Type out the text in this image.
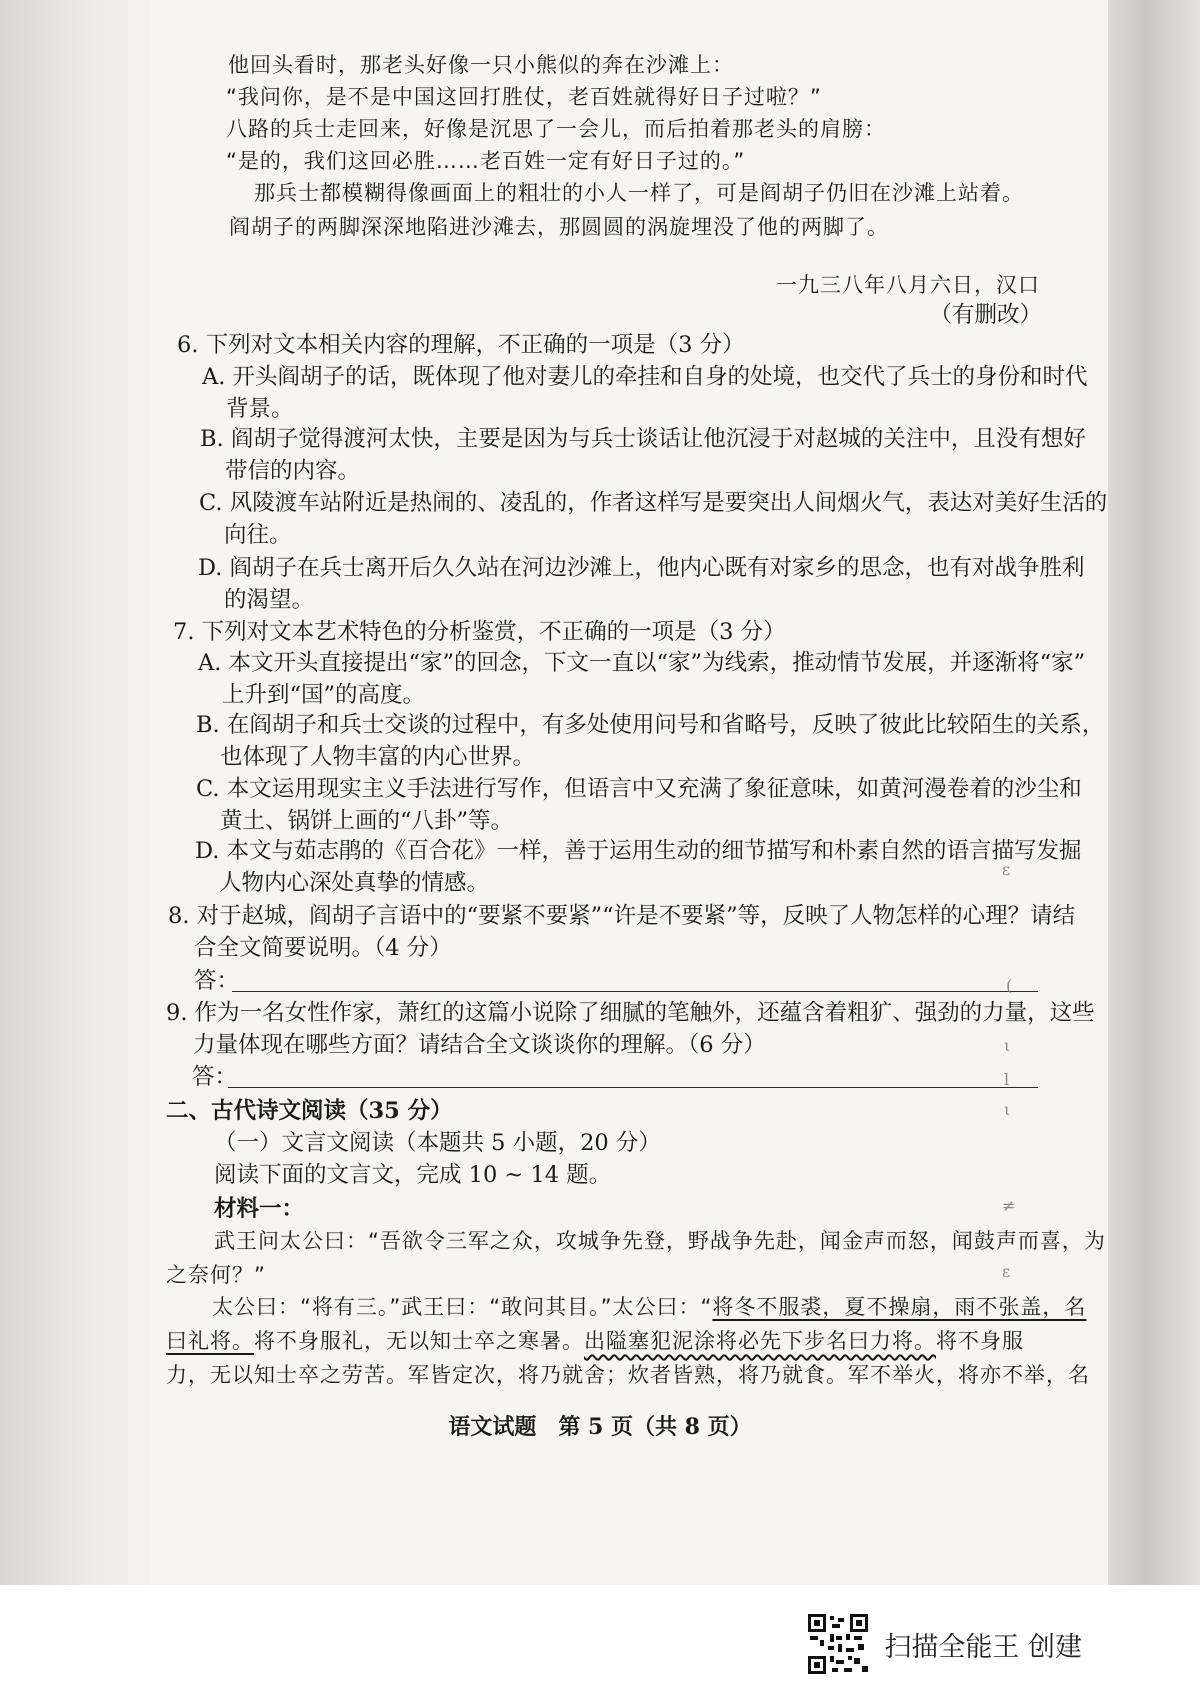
他回头看时，那老头好像一只小熊似的奔在沙滩上：
“我问你，是不是中国这回打胜仗，老百姓就得好日子过啦？”
八路的兵士走回来，好像是沉思了一会儿，而后拍着那老头的肩膀：
“是的，我们这回必胜……老百姓一定有好日子过的。”
那兵士都模糊得像画面上的粗壮的小人一样了，可是阎胡子仍旧在沙滩上站着。
阎胡子的两脚深深地陷进沙滩去，那圆圆的涡旋埋没了他的两脚了。
一九三八年八月六日，汉口
（有删改）
6. 下列对文本相关内容的理解，不正确的一项是（3 分）
A. 开头阎胡子的话，既体现了他对妻儿的牵挂和自身的处境，也交代了兵士的身份和时代
背景。
B. 阎胡子觉得渡河太快，主要是因为与兵士谈话让他沉浸于对赵城的关注中，且没有想好
带信的内容。
C. 风陵渡车站附近是热闹的、凌乱的，作者这样写是要突出人间烟火气，表达对美好生活的
向往。
D. 阎胡子在兵士离开后久久站在河边沙滩上，他内心既有对家乡的思念，也有对战争胜利
的渴望。
7. 下列对文本艺术特色的分析鉴赏，不正确的一项是（3 分）
A. 本文开头直接提出“家”的回念，下文一直以“家”为线索，推动情节发展，并逐渐将“家”
上升到“国”的高度。
B. 在阎胡子和兵士交谈的过程中，有多处使用问号和省略号，反映了彼此比较陌生的关系，
也体现了人物丰富的内心世界。
C. 本文运用现实主义手法进行写作，但语言中又充满了象征意味，如黄河漫卷着的沙尘和
黄土、锅饼上画的“八卦”等。
D. 本文与茹志鹃的《百合花》一样，善于运用生动的细节描写和朴素自然的语言描写发掘
人物内心深处真挚的情感。
8. 对于赵城，阎胡子言语中的“要紧不要紧”“许是不要紧”等，反映了人物怎样的心理？请结
合全文简要说明。（4 分）
答：
9. 作为一名女性作家，萧红的这篇小说除了细腻的笔触外，还蕴含着粗犷、强劲的力量，这些
力量体现在哪些方面？请结合全文谈谈你的理解。（6 分）
答：
二、古代诗文阅读（35 分）
（一）文言文阅读（本题共 5 小题，20 分）
阅读下面的文言文，完成 10 ~ 14 题。
材料一：
武王问太公曰：“吾欲令三军之众，攻城争先登，野战争先赴，闻金声而怒，闻鼓声而喜，为
之奈何？”
太公曰：“将有三。”武王曰：“敢问其目。”太公曰：“将冬不服裘，夏不操扇，雨不张盖，名
曰礼将。将不身服礼，无以知士卒之寒暑。出隘塞犯泥涂将必先下步名曰力将。将不身服
力，无以知士卒之劳苦。军皆定次，将乃就舍；炊者皆熟，将乃就食。军不举火，将亦不举，名
语文试题　第 5 页（共 8 页）
ε
(
ι
l
ι
≠
ε
扫描全能王 创建
